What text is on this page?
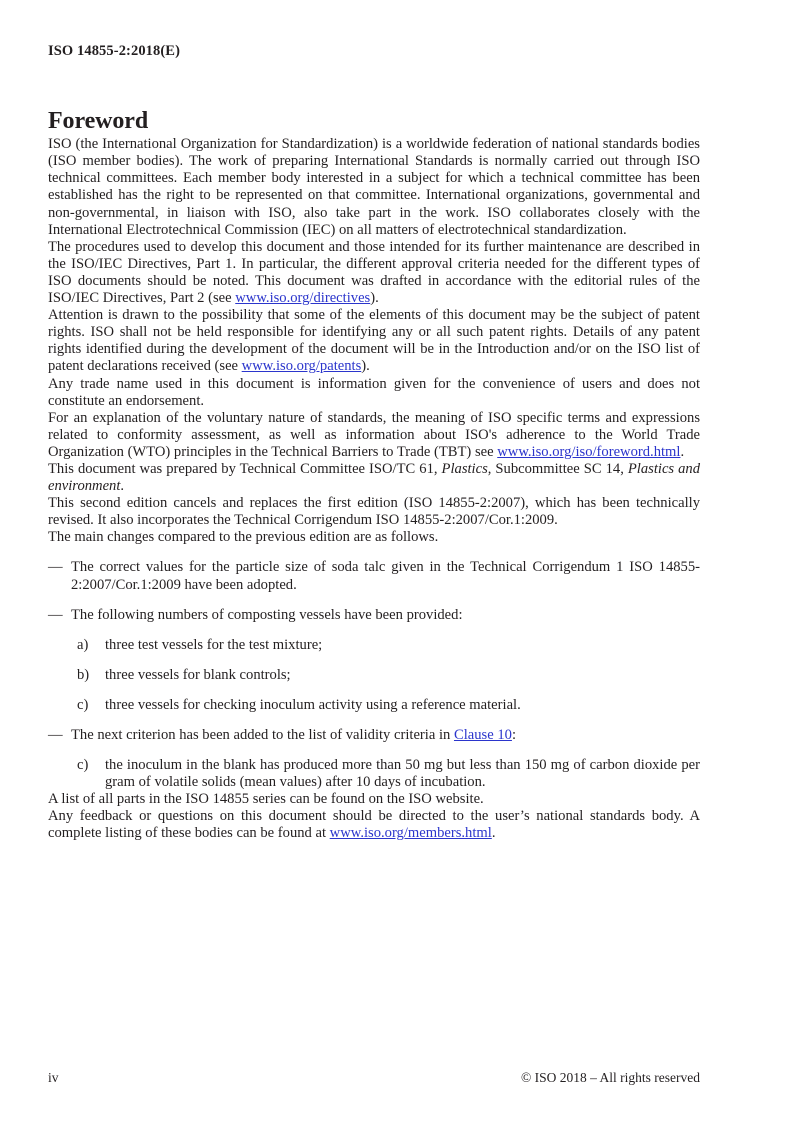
ISO 14855-2:2018(E)
Foreword

ISO (the International Organization for Standardization) is a worldwide federation of national standards bodies (ISO member bodies). The work of preparing International Standards is normally carried out through ISO technical committees. Each member body interested in a subject for which a technical committee has been established has the right to be represented on that committee. International organizations, governmental and non-governmental, in liaison with ISO, also take part in the work. ISO collaborates closely with the International Electrotechnical Commission (IEC) on all matters of electrotechnical standardization.

The procedures used to develop this document and those intended for its further maintenance are described in the ISO/IEC Directives, Part 1. In particular, the different approval criteria needed for the different types of ISO documents should be noted. This document was drafted in accordance with the editorial rules of the ISO/IEC Directives, Part 2 (see www.iso.org/directives).

Attention is drawn to the possibility that some of the elements of this document may be the subject of patent rights. ISO shall not be held responsible for identifying any or all such patent rights. Details of any patent rights identified during the development of the document will be in the Introduction and/or on the ISO list of patent declarations received (see www.iso.org/patents).

Any trade name used in this document is information given for the convenience of users and does not constitute an endorsement.

For an explanation of the voluntary nature of standards, the meaning of ISO specific terms and expressions related to conformity assessment, as well as information about ISO's adherence to the World Trade Organization (WTO) principles in the Technical Barriers to Trade (TBT) see www.iso.org/iso/foreword.html.

This document was prepared by Technical Committee ISO/TC 61, Plastics, Subcommittee SC 14, Plastics and environment.

This second edition cancels and replaces the first edition (ISO 14855-2:2007), which has been technically revised. It also incorporates the Technical Corrigendum ISO 14855-2:2007/Cor.1:2009.

The main changes compared to the previous edition are as follows.

— The correct values for the particle size of soda talc given in the Technical Corrigendum 1 ISO 14855-2:2007/Cor.1:2009 have been adopted.
— The following numbers of composting vessels have been provided:
a)	three test vessels for the test mixture;
b)	three vessels for blank controls;
c)	three vessels for checking inoculum activity using a reference material.
— The next criterion has been added to the list of validity criteria in Clause 10:
c)	the inoculum in the blank has produced more than 50 mg but less than 150 mg of carbon dioxide per gram of volatile solids (mean values) after 10 days of incubation.

A list of all parts in the ISO 14855 series can be found on the ISO website.

Any feedback or questions on this document should be directed to the user’s national standards body. A complete listing of these bodies can be found at www.iso.org/members.html.

iv	© ISO 2018 – All rights reserved
